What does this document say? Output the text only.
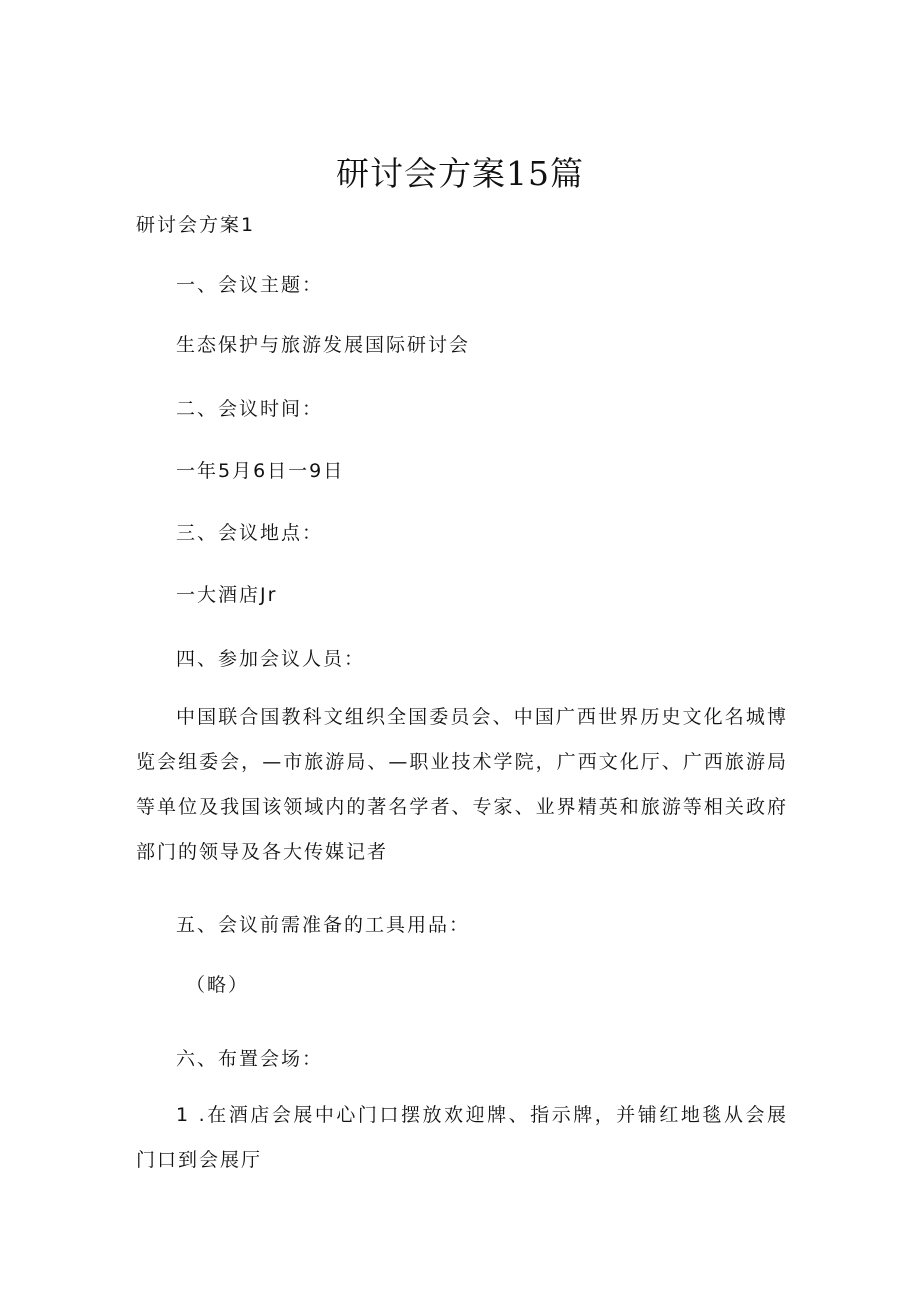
研讨会方案15篇
研讨会方案1
一、会议主题：
生态保护与旅游发展国际研讨会
二、会议时间：
一年5月6日一9日
三、会议地点：
一大酒店Jr
四、参加会议人员：
中国联合国教科文组织全国委员会、中国广西世界历史文化名城博览会组委会，—市旅游局、—职业技术学院，广西文化厅、广西旅游局等单位及我国该领域内的著名学者、专家、业界精英和旅游等相关政府部门的领导及各大传媒记者
五、会议前需准备的工具用品：
（略）
六、布置会场：
1 .在酒店会展中心门口摆放欢迎牌、指示牌，并铺红地毯从会展门口到会展厅
